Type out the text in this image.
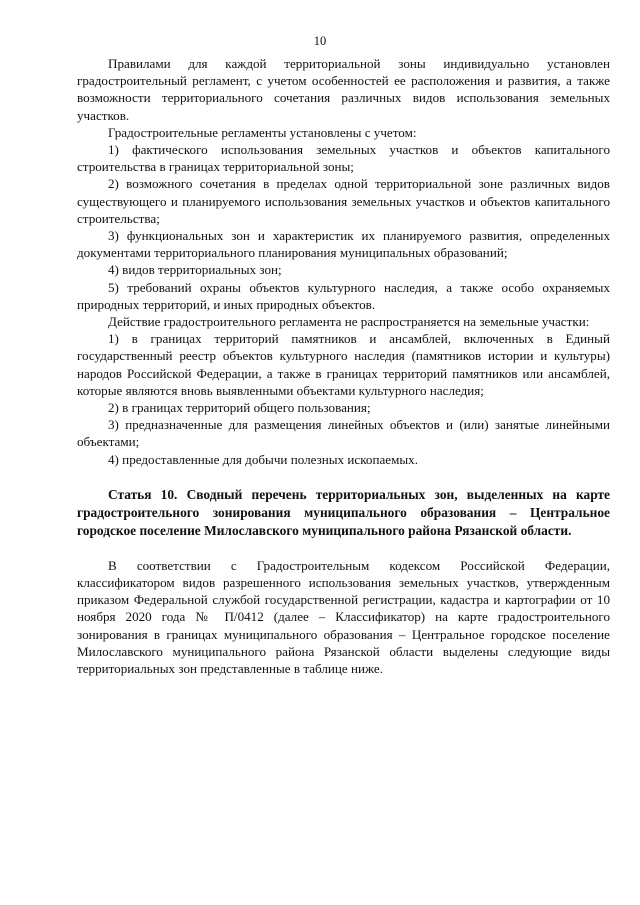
10

Правилами для каждой территориальной зоны индивидуально установлен градостроительный регламент, с учетом особенностей ее расположения и развития, а также возможности территориального сочетания различных видов использования земельных участков.

Градостроительные регламенты установлены с учетом:

1) фактического использования земельных участков и объектов капитального строительства в границах территориальной зоны;

2) возможного сочетания в пределах одной территориальной зоне различных видов существующего и планируемого использования земельных участков и объектов капитального строительства;

3) функциональных зон и характеристик их планируемого развития, определенных документами территориального планирования муниципальных образований;

4) видов территориальных зон;

5) требований охраны объектов культурного наследия, а также особо охраняемых природных территорий, и иных природных объектов.

Действие градостроительного регламента не распространяется на земельные участки:

1) в границах территорий памятников и ансамблей, включенных в Единый государственный реестр объектов культурного наследия (памятников истории и культуры) народов Российской Федерации, а также в границах территорий памятников или ансамблей, которые являются вновь выявленными объектами культурного наследия;

2) в границах территорий общего пользования;

3) предназначенные для размещения линейных объектов и (или) занятые линейными объектами;

4) предоставленные для добычи полезных ископаемых.

Статья 10. Сводный перечень территориальных зон, выделенных на карте градостроительного зонирования муниципального образования – Центральное городское поселение Милославского муниципального района Рязанской области.

В соответствии с Градостроительным кодексом Российской Федерации, классификатором видов разрешенного использования земельных участков, утвержденным приказом Федеральной службой государственной регистрации, кадастра и картографии от 10 ноября 2020 года № П/0412 (далее – Классификатор) на карте градостроительного зонирования в границах муниципального образования – Центральное городское поселение Милославского муниципального района Рязанской области выделены следующие виды территориальных зон представленные в таблице ниже.
